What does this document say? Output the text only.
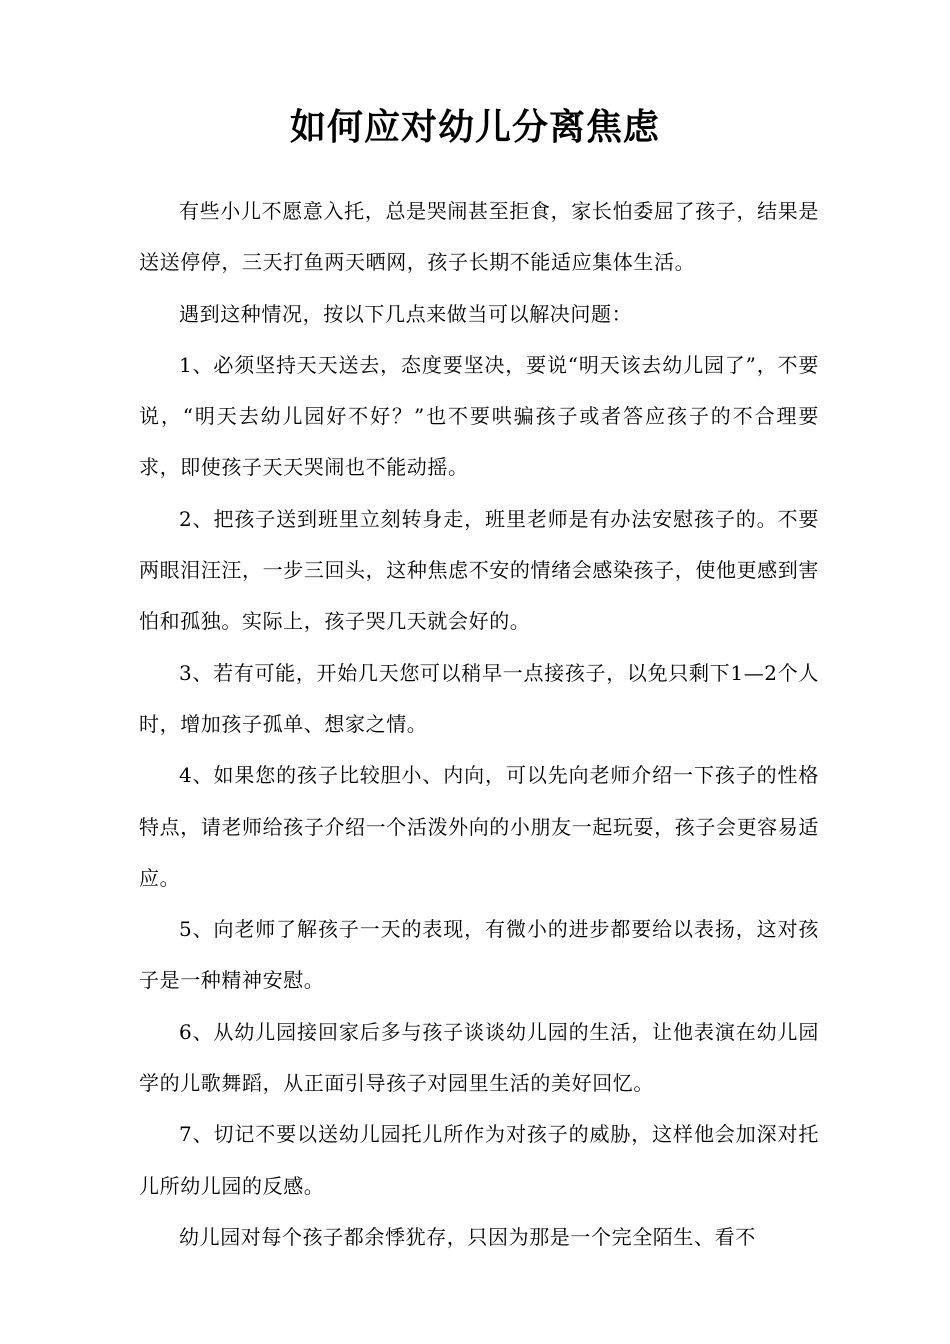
如何应对幼儿分离焦虑

有些小儿不愿意入托，总是哭闹甚至拒食，家长怕委屈了孩子，结果是送送停停，三天打鱼两天晒网，孩子长期不能适应集体生活。

遇到这种情况，按以下几点来做当可以解决问题：

1、必须坚持天天送去，态度要坚决，要说“明天该去幼儿园了”，不要说，“明天去幼儿园好不好？”也不要哄骗孩子或者答应孩子的不合理要求，即使孩子天天哭闹也不能动摇。

2、把孩子送到班里立刻转身走，班里老师是有办法安慰孩子的。不要两眼泪汪汪，一步三回头，这种焦虑不安的情绪会感染孩子，使他更感到害怕和孤独。实际上，孩子哭几天就会好的。

3、若有可能，开始几天您可以稍早一点接孩子，以免只剩下1—2个人时，增加孩子孤单、想家之情。

4、如果您的孩子比较胆小、内向，可以先向老师介绍一下孩子的性格特点，请老师给孩子介绍一个活泼外向的小朋友一起玩耍，孩子会更容易适应。

5、向老师了解孩子一天的表现，有微小的进步都要给以表扬，这对孩子是一种精神安慰。

6、从幼儿园接回家后多与孩子谈谈幼儿园的生活，让他表演在幼儿园学的儿歌舞蹈，从正面引导孩子对园里生活的美好回忆。

7、切记不要以送幼儿园托儿所作为对孩子的威胁，这样他会加深对托儿所幼儿园的反感。

幼儿园对每个孩子都余悸犹存，只因为那是一个完全陌生、看不
